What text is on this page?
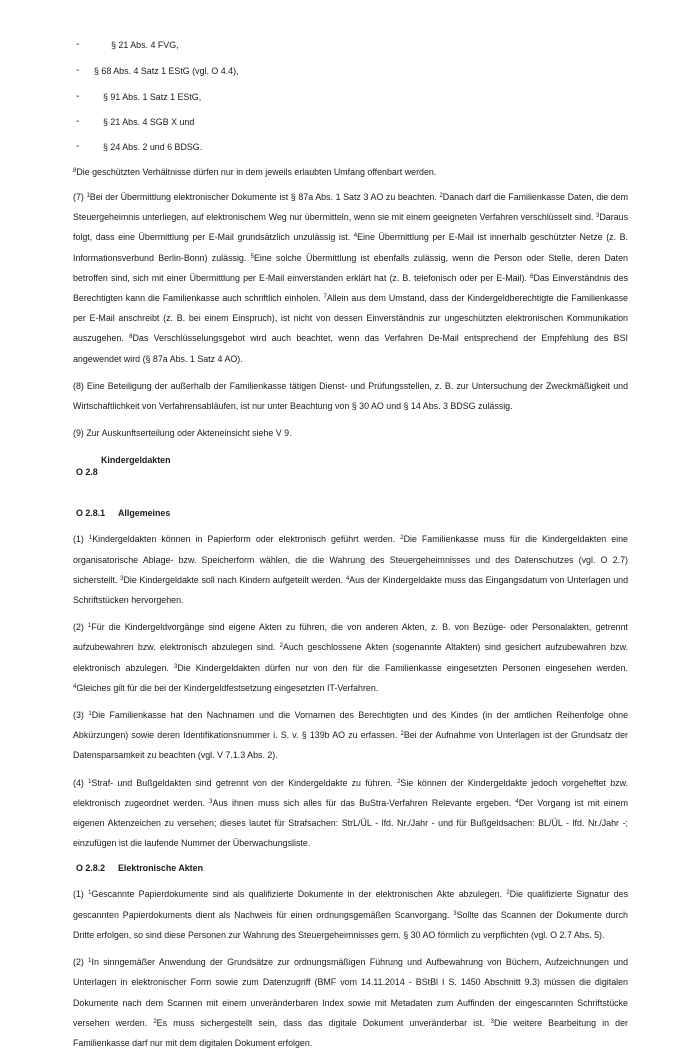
-	§ 21 Abs. 4 FVG,
- § 68 Abs. 4 Satz 1 EStG (vgl. O 4.4),
-	§ 91 Abs. 1 Satz 1 EStG,
-	§ 21 Abs. 4 SGB X und
-	§ 24 Abs. 2 und 6 BDSG.

$^8$Die geschützten Verhältnisse dürfen nur in dem jeweils erlaubten Umfang offenbart werden.

(7) $^1$Bei der Übermittlung elektronischer Dokumente ist § 87a Abs. 1 Satz 3 AO zu beachten. $^2$Danach darf die Familienkasse Daten, die dem Steuergeheimnis unterliegen, auf elektronischem Weg nur übermitteln, wenn sie mit einem geeigneten Verfahren verschlüsselt sind. $^3$Daraus folgt, dass eine Übermittlung per E-Mail grundsätzlich unzulässig ist. $^4$Eine Übermittlung per E-Mail ist innerhalb geschützter Netze (z. B. Informationsverbund Berlin-Bonn) zulässig. $^5$Eine solche Übermittlung ist ebenfalls zulässig, wenn die Person oder Stelle, deren Daten betroffen sind, sich mit einer Übermittlung per E-Mail einverstanden erklärt hat (z. B. telefonisch oder per E-Mail). $^6$Das Einverständnis des Berechtigten kann die Familienkasse auch schriftlich einholen. $^7$Allein aus dem Umstand, dass der Kindergeldberechtigte die Familienkasse per E-Mail anschreibt (z. B. bei einem Einspruch), ist nicht von dessen Einverständnis zur ungeschützten elektronischen Kommunikation auszugehen. $^8$Das Verschlüsselungsgebot wird auch beachtet, wenn das Verfahren De-Mail entsprechend der Empfehlung des BSI angewendet wird (§ 87a Abs. 1 Satz 4 AO).

(8) Eine Beteiligung der außerhalb der Familienkasse tätigen Dienst- und Prüfungsstellen, z. B. zur Untersuchung der Zweckmäßigkeit und Wirtschaftlichkeit von Verfahrensabläufen, ist nur unter Beachtung von § 30 AO und § 14 Abs. 3 BDSG zulässig.

(9) Zur Auskunftserteilung oder Akteneinsicht siehe V 9.

O 2.8
Kindergeldakten
O 2.8.1 Allgemeines

(1) $^1$Kindergeldakten können in Papierform oder elektronisch geführt werden. $^2$Die Familienkasse muss für die Kindergeldakten eine organisatorische Ablage- bzw. Speicherform wählen, die die Wahrung des Steuergeheimnisses und des Datenschutzes (vgl. O 2.7) sicherstellt. $^3$Die Kindergeldakte soll nach Kindern aufgeteilt werden. $^4$Aus der Kindergeldakte muss das Eingangsdatum von Unterlagen und Schriftstücken hervorgehen.

(2) $^1$Für die Kindergeldvorgänge sind eigene Akten zu führen, die von anderen Akten, z. B. von Bezüge- oder Personalakten, getrennt aufzubewahren bzw. elektronisch abzulegen sind. $^2$Auch geschlossene Akten (sogenannte Altakten) sind gesichert aufzubewahren bzw. elektronisch abzulegen. $^3$Die Kindergeldakten dürfen nur von den für die Familienkasse eingesetzten Personen eingesehen werden. $^4$Gleiches gilt für die bei der Kindergeldfestsetzung eingesetzten IT-Verfahren.

(3) $^1$Die Familienkasse hat den Nachnamen und die Vornamen des Berechtigten und des Kindes (in der amtlichen Reihenfolge ohne Abkürzungen) sowie deren Identifikationsnummer i. S. v. § 139b AO zu erfassen. $^2$Bei der Aufnahme von Unterlagen ist der Grundsatz der Datensparsamkeit zu beachten (vgl. V 7.1.3 Abs. 2).

(4) $^1$Straf- und Bußgeldakten sind getrennt von der Kindergeldakte zu führen. $^2$Sie können der Kindergeldakte jedoch vorgeheftet bzw. elektronisch zugeordnet werden. $^3$Aus ihnen muss sich alles für das BuStra-Verfahren Relevante ergeben. $^4$Der Vorgang ist mit einem eigenen Aktenzeichen zu versehen; dieses lautet für Strafsachen: StrL/ÜL - lfd. Nr./Jahr - und für Bußgeldsachen: BL/ÜL - lfd. Nr./Jahr -; einzufügen ist die laufende Nummer der Überwachungsliste.

O 2.8.2 Elektronische Akten

(1) $^1$Gescannte Papierdokumente sind als qualifizierte Dokumente in der elektronischen Akte abzulegen. $^2$Die qualifizierte Signatur des gescannten Papierdokuments dient als Nachweis für einen ordnungsgemäßen Scanvorgang. $^3$Sollte das Scannen der Dokumente durch Dritte erfolgen, so sind diese Personen zur Wahrung des Steuergeheimnisses gem. § 30 AO förmlich zu verpflichten (vgl. O 2.7 Abs. 5).

(2) $^1$In sinngemäßer Anwendung der Grundsätze zur ordnungsmäßigen Führung und Aufbewahrung von Büchern, Aufzeichnungen und Unterlagen in elektronischer Form sowie zum Datenzugriff (BMF vom 14.11.2014 - BStBl I S. 1450 Abschnitt 9.3) müssen die digitalen Dokumente nach dem Scannen mit einem unveränderbaren Index sowie mit Metadaten zum Auffinden der eingescannten Schriftstücke versehen werden. $^2$Es muss sichergestellt sein, dass das digitale Dokument unveränderbar ist. $^3$Die weitere Bearbeitung in der Familienkasse darf nur mit dem digitalen Dokument erfolgen.
